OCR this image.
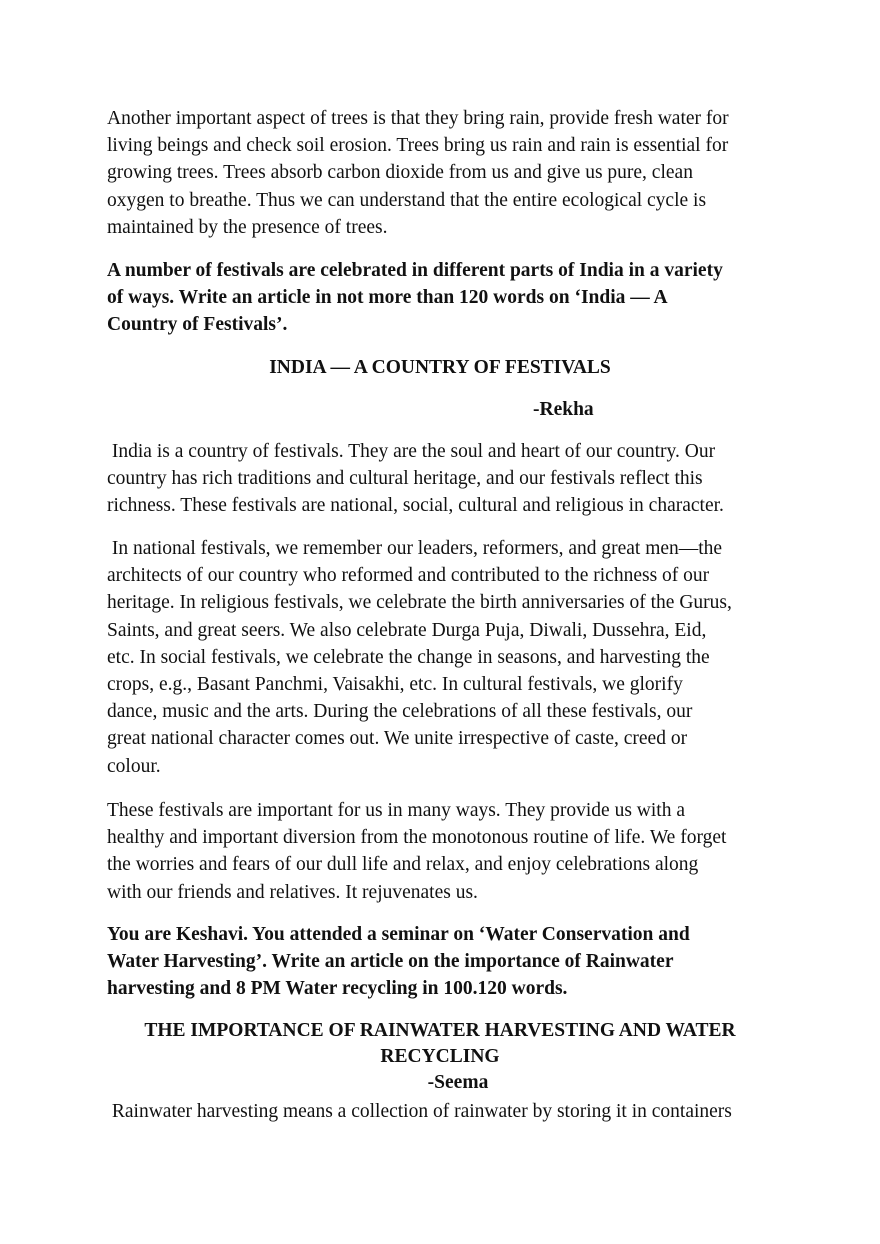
Another important aspect of trees is that they bring rain, provide fresh water for
living beings and check soil erosion. Trees bring us rain and rain is essential for
growing trees. Trees absorb carbon dioxide from us and give us pure, clean
oxygen to breathe. Thus we can understand that the entire ecological cycle is
maintained by the presence of trees.
A number of festivals are celebrated in different parts of India in a variety
of ways. Write an article in not more than 120 words on ‘India — A
Country of Festivals’.
INDIA — A COUNTRY OF FESTIVALS
-Rekha
India is a country of festivals. They are the soul and heart of our country. Our
country has rich traditions and cultural heritage, and our festivals reflect this
richness. These festivals are national, social, cultural and religious in character.
In national festivals, we remember our leaders, reformers, and great men—the
architects of our country who reformed and contributed to the richness of our
heritage. In religious festivals, we celebrate the birth anniversaries of the Gurus,
Saints, and great seers. We also celebrate Durga Puja, Diwali, Dussehra, Eid,
etc. In social festivals, we celebrate the change in seasons, and harvesting the
crops, e.g., Basant Panchmi, Vaisakhi, etc. In cultural festivals, we glorify
dance, music and the arts. During the celebrations of all these festivals, our
great national character comes out. We unite irrespective of caste, creed or
colour.
These festivals are important for us in many ways. They provide us with a
healthy and important diversion from the monotonous routine of life. We forget
the worries and fears of our dull life and relax, and enjoy celebrations along
with our friends and relatives. It rejuvenates us.
You are Keshavi. You attended a seminar on ‘Water Conservation and
Water Harvesting’. Write an article on the importance of Rainwater
harvesting and 8 PM Water recycling in 100.120 words.
THE IMPORTANCE OF RAINWATER HARVESTING AND WATER
RECYCLING
-Seema
Rainwater harvesting means a collection of rainwater by storing it in containers
